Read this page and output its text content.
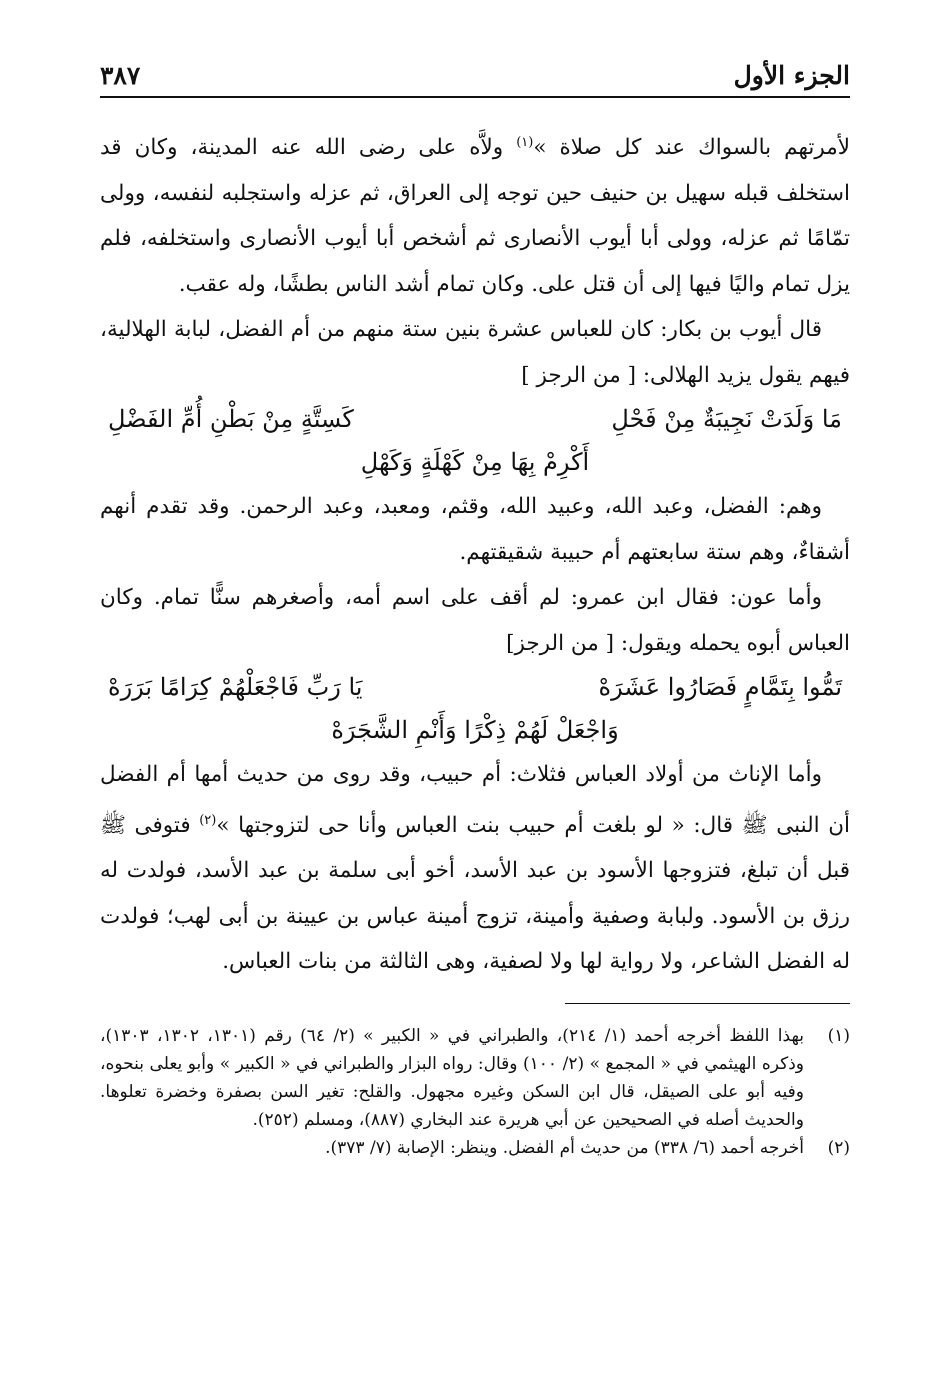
الجزء الأول
٣٨٧

لأمرتهم بالسواك عند كل صلاة »$^{(١)}$ ولاَّه على رضى الله عنه المدينة، وكان قد استخلف قبله سهيل بن حنيف حين توجه إلى العراق، ثم عزله واستجلبه لنفسه، وولى تمّامًا ثم عزله، وولى أبا أيوب الأنصارى ثم أشخص أبا أيوب الأنصارى واستخلفه، فلم يزل تمام واليًا فيها إلى أن قتل على. وكان تمام أشد الناس بطشًا، وله عقب.

قال أيوب بن بكار: كان للعباس عشرة بنين ستة منهم من أم الفضل، لبابة الهلالية، فيهم يقول يزيد الهلالى: [ من الرجز ]

مَا وَلَدَتْ نَجِيبَةٌ مِنْ فَحْلِ
كَسِتَّةٍ مِنْ بَطْنِ أُمِّ الفَضْلِ
أَكْرِمْ بِهَا مِنْ كَهْلَةٍ وَكَهْلِ

وهم: الفضل، وعبد الله، وعبيد الله، وقثم، ومعبد، وعبد الرحمن. وقد تقدم أنهم أشقاءٌ، وهم ستة سابعتهم أم حبيبة شقيقتهم.

وأما عون: فقال ابن عمرو: لم أقف على اسم أمه، وأصغرهم سنًّا تمام. وكان العباس أبوه يحمله ويقول: [ من الرجز]

تَمُّوا بِتَمَّامٍ فَصَارُوا عَشَرَهْ
يَا رَبِّ فَاجْعَلْهُمْ كِرَامًا بَرَرَهْ
وَاجْعَلْ لَهُمْ ذِكْرًا وَأَنْمِ الشَّجَرَهْ

وأما الإناث من أولاد العباس فثلاث: أم حبيب، وقد روى من حديث أمها أم الفضل أن النبى ﷺ قال: « لو بلغت أم حبيب بنت العباس وأنا حى لتزوجتها »$^{(٢)}$ فتوفى ﷺ قبل أن تبلغ، فتزوجها الأسود بن عبد الأسد، أخو أبى سلمة بن عبد الأسد، فولدت له رزق بن الأسود. ولبابة وصفية وأمينة، تزوج أمينة عباس بن عيينة بن أبى لهب؛ فولدت له الفضل الشاعر، ولا رواية لها ولا لصفية، وهى الثالثة من بنات العباس.

(١)
بهذا اللفظ أخرجه أحمد (١/ ٢١٤)، والطبراني في « الكبير » (٢/ ٦٤) رقم (١٣٠١، ١٣٠٢، ١٣٠٣)، وذكره الهيثمي في « المجمع » (٢/ ١٠٠) وقال: رواه البزار والطبراني في « الكبير » وأبو يعلى بنحوه، وفيه أبو على الصيقل، قال ابن السكن وغيره مجهول. والقلح: تغير السن بصفرة وخضرة تعلوها. والحديث أصله في الصحيحين عن أبي هريرة عند البخاري (٨٨٧)، ومسلم (٢٥٢).

(٢)
أخرجه أحمد (٦/ ٣٣٨) من حديث أم الفضل. وينظر: الإصابة (٧/ ٣٧٣).
